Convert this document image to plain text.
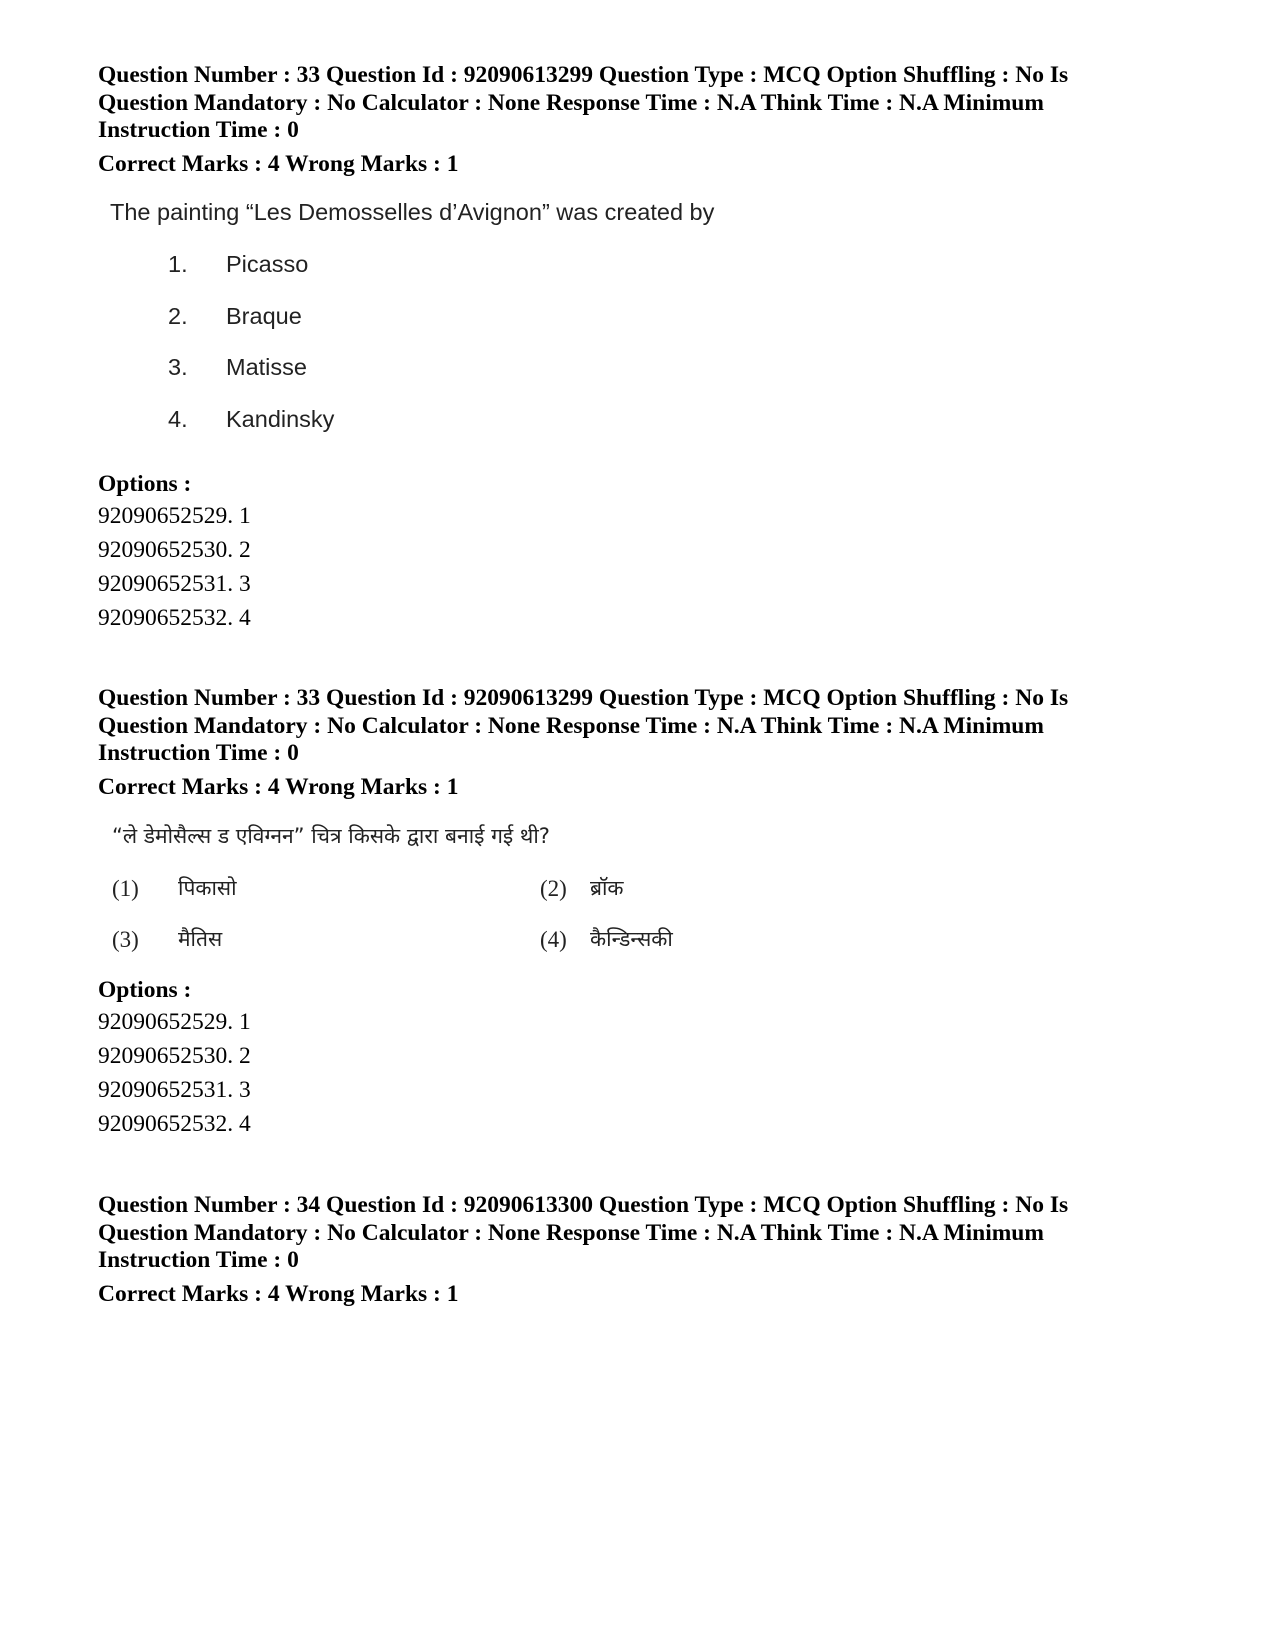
Question Number : 33 Question Id : 92090613299 Question Type : MCQ Option Shuffling : No Is
Question Mandatory : No Calculator : None Response Time : N.A Think Time : N.A Minimum
Instruction Time : 0
Correct Marks : 4 Wrong Marks : 1
The painting “Les Demosselles d’Avignon” was created by
1. Picasso
2. Braque
3. Matisse
4. Kandinsky
Options :
92090652529. 1
92090652530. 2
92090652531. 3
92090652532. 4
Question Number : 33 Question Id : 92090613299 Question Type : MCQ Option Shuffling : No Is
Question Mandatory : No Calculator : None Response Time : N.A Think Time : N.A Minimum
Instruction Time : 0
Correct Marks : 4 Wrong Marks : 1
“ले डेमोसैल्स ड एविग्नन” चित्र किसके द्वारा बनाई गई थी?
(1) पिकासो	(2) ब्रॉक
(3) मैतिस	(4) कैन्डिन्सकी
Options :
92090652529. 1
92090652530. 2
92090652531. 3
92090652532. 4
Question Number : 34 Question Id : 92090613300 Question Type : MCQ Option Shuffling : No Is
Question Mandatory : No Calculator : None Response Time : N.A Think Time : N.A Minimum
Instruction Time : 0
Correct Marks : 4 Wrong Marks : 1
